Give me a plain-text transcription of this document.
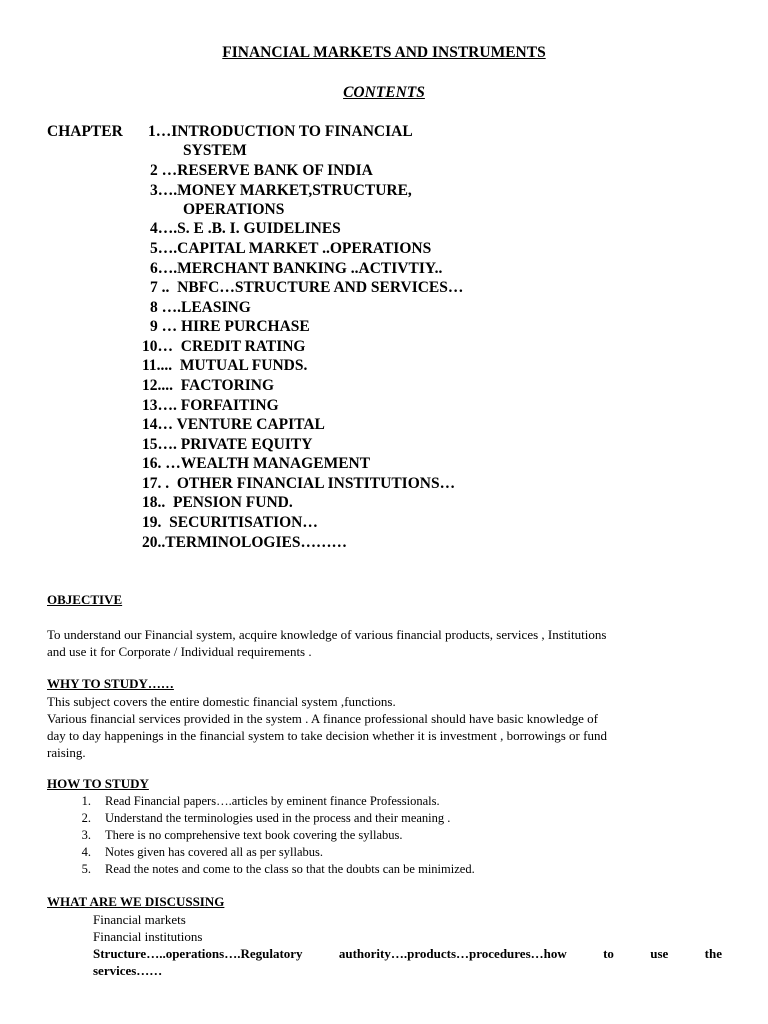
FINANCIAL MARKETS AND INSTRUMENTS
CONTENTS
CHAPTER 1…INTRODUCTION TO FINANCIAL
SYSTEM
2 …RESERVE BANK OF INDIA
3….MONEY MARKET,STRUCTURE,
OPERATIONS
4….S. E .B. I. GUIDELINES
5….CAPITAL MARKET ..OPERATIONS
6….MERCHANT BANKING ..ACTIVTIY..
7 ..  NBFC…STRUCTURE AND SERVICES…
8 ….LEASING
9 … HIRE PURCHASE
10…  CREDIT RATING
11....  MUTUAL FUNDS.
12....  FACTORING
13…. FORFAITING
14… VENTURE CAPITAL
15…. PRIVATE EQUITY
16. …WEALTH MANAGEMENT
17. .  OTHER FINANCIAL INSTITUTIONS…
18..  PENSION FUND.
19.  SECURITISATION…
20..TERMINOLOGIES………
OBJECTIVE
To understand our Financial system, acquire knowledge of various financial products, services , Institutions
and use it for Corporate / Individual requirements .
WHY TO STUDY……
This subject covers the entire domestic financial system ,functions.
Various financial services provided in the system . A finance professional should have basic knowledge of
day to day happenings in the financial system to take decision whether it is investment , borrowings or fund
raising.
HOW TO STUDY
1. Read Financial papers….articles by eminent finance Professionals.
2. Understand the terminologies used in the process and their meaning .
3. There is no comprehensive text book covering the syllabus.
4. Notes given has covered all as per syllabus.
5. Read the notes and come to the class so that the doubts can be minimized.
WHAT ARE WE DISCUSSING
Financial markets
Financial institutions
Structure…..operations….Regulatory	authority….products…procedures…how	to	use	the
services……
